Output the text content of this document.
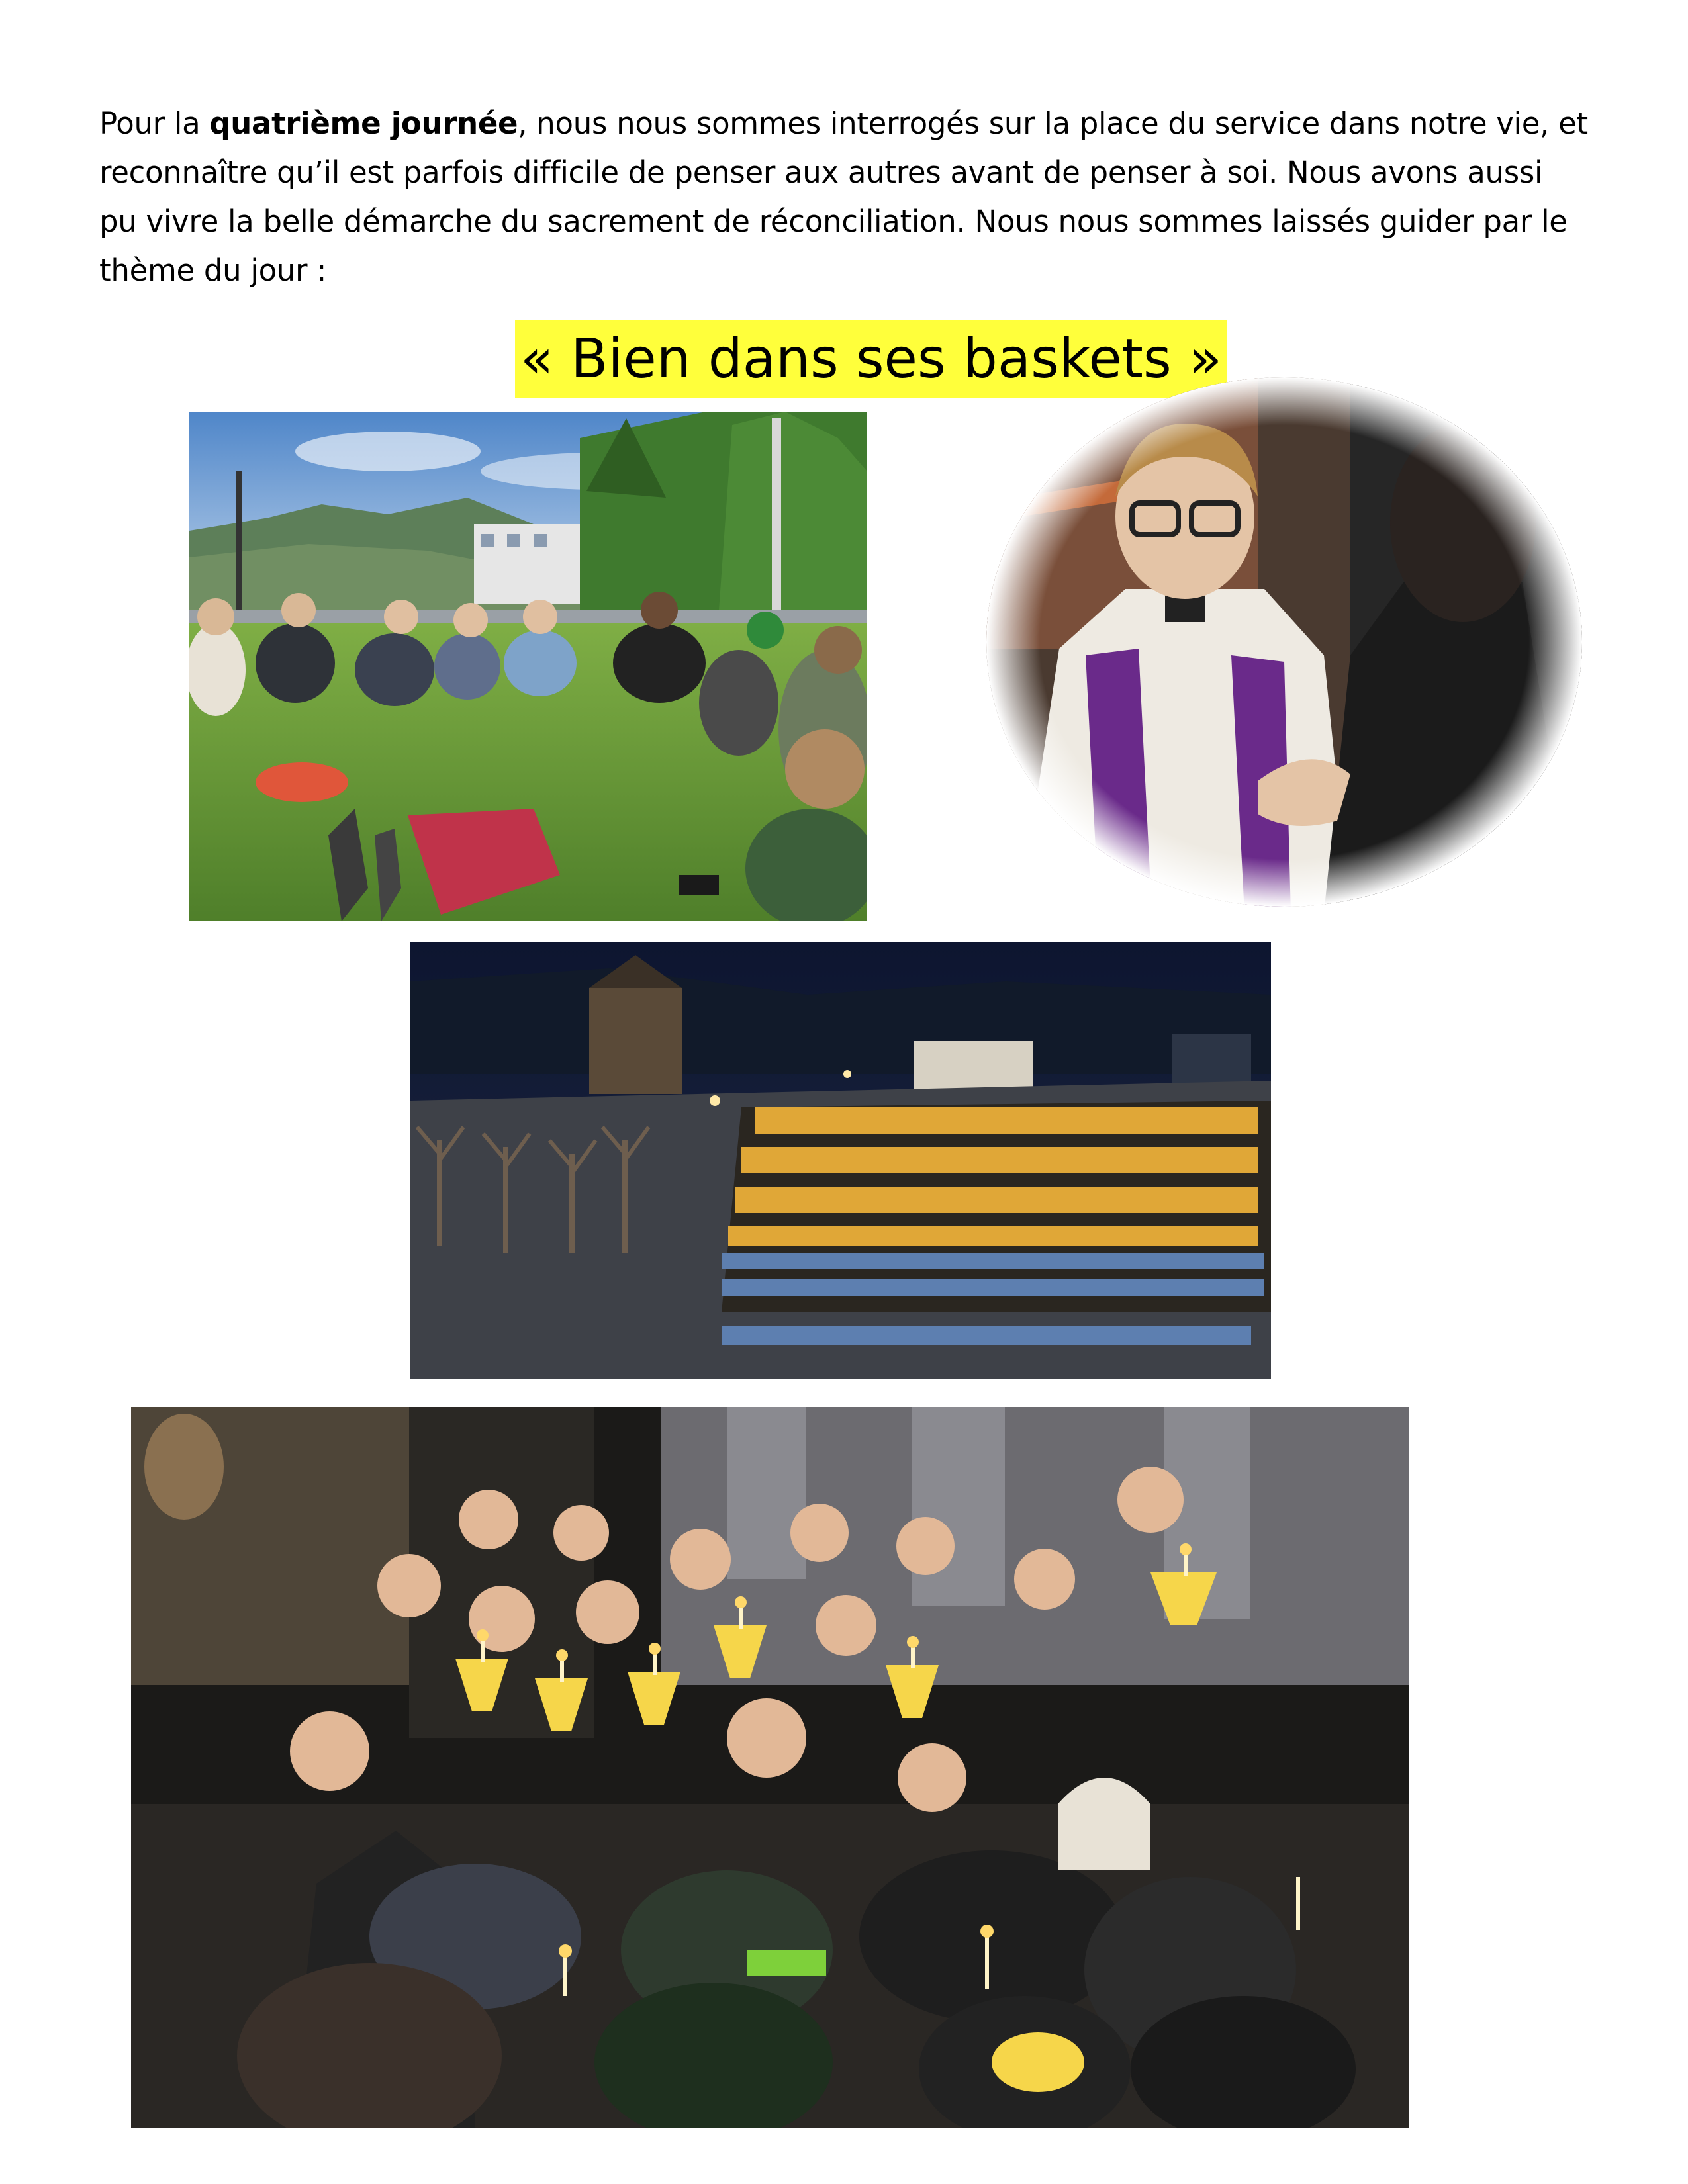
Pour la quatrième journée, nous nous sommes interrogés sur la place du service dans notre vie, et reconnaître qu’il est parfois difficile de penser aux autres avant de penser à soi. Nous avons aussi pu vivre la belle démarche du sacrement de réconciliation. Nous nous sommes laissés guider par le thème du jour :

« Bien dans ses baskets »
